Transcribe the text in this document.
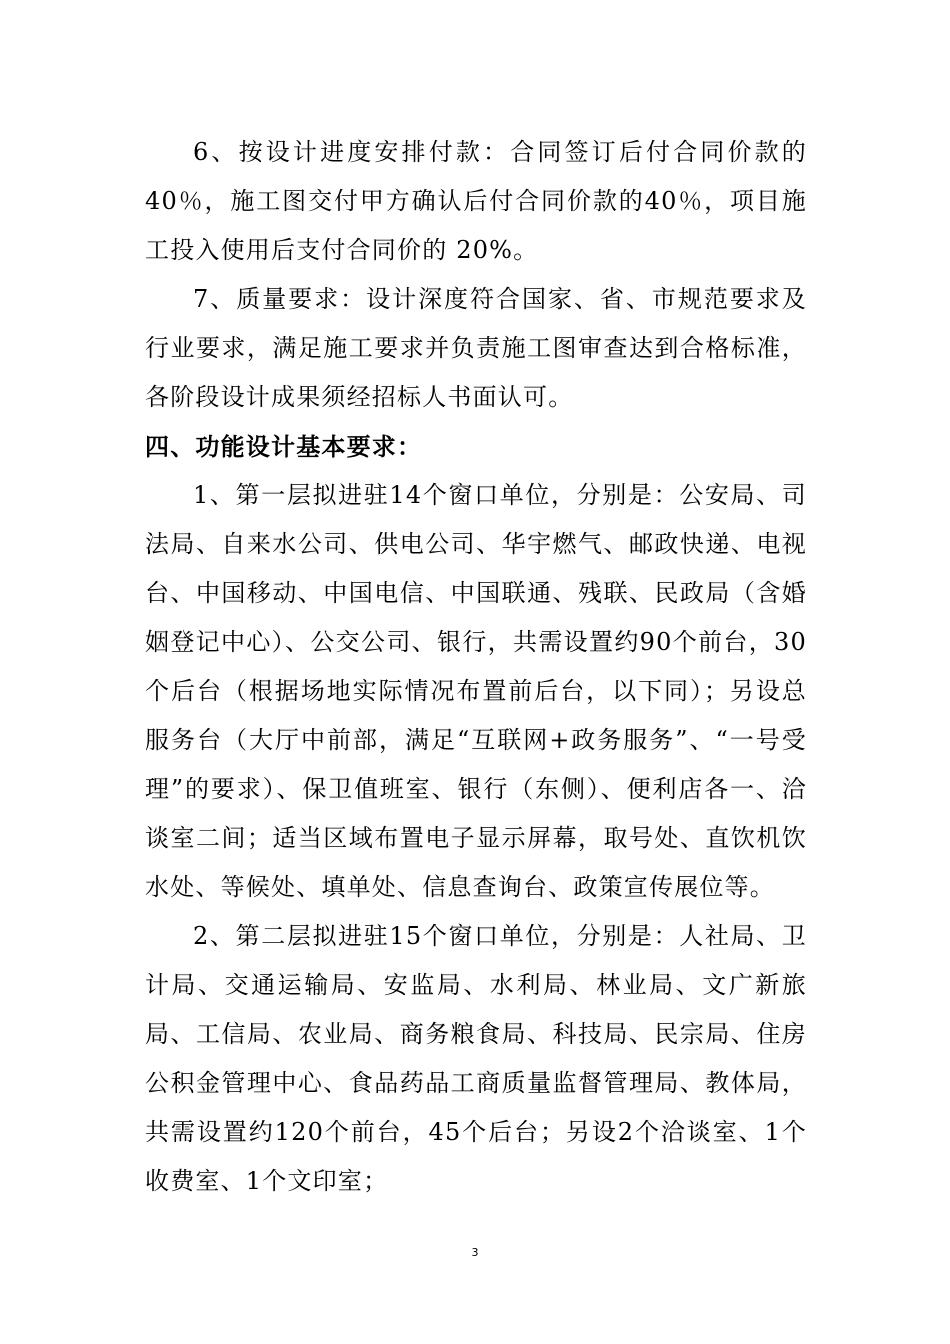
6、按设计进度安排付款：合同签订后付合同价款的40％，施工图交付甲方确认后付合同价款的40％，项目施工投入使用后支付合同价的 20%。

7、质量要求：设计深度符合国家、省、市规范要求及行业要求，满足施工要求并负责施工图审查达到合格标准，各阶段设计成果须经招标人书面认可。

四、功能设计基本要求：

1、第一层拟进驻14个窗口单位，分别是：公安局、司法局、自来水公司、供电公司、华宇燃气、邮政快递、电视台、中国移动、中国电信、中国联通、残联、民政局（含婚姻登记中心）、公交公司、银行，共需设置约90个前台，30个后台（根据场地实际情况布置前后台，以下同）；另设总服务台（大厅中前部，满足“互联网+政务服务”、“一号受理”的要求）、保卫值班室、银行（东侧）、便利店各一、洽谈室二间；适当区域布置电子显示屏幕，取号处、直饮机饮水处、等候处、填单处、信息查询台、政策宣传展位等。

2、第二层拟进驻15个窗口单位，分别是：人社局、卫计局、交通运输局、安监局、水利局、林业局、文广新旅局、工信局、农业局、商务粮食局、科技局、民宗局、住房公积金管理中心、食品药品工商质量监督管理局、教体局，共需设置约120个前台，45个后台；另设2个洽谈室、1个收费室、1个文印室；

3
